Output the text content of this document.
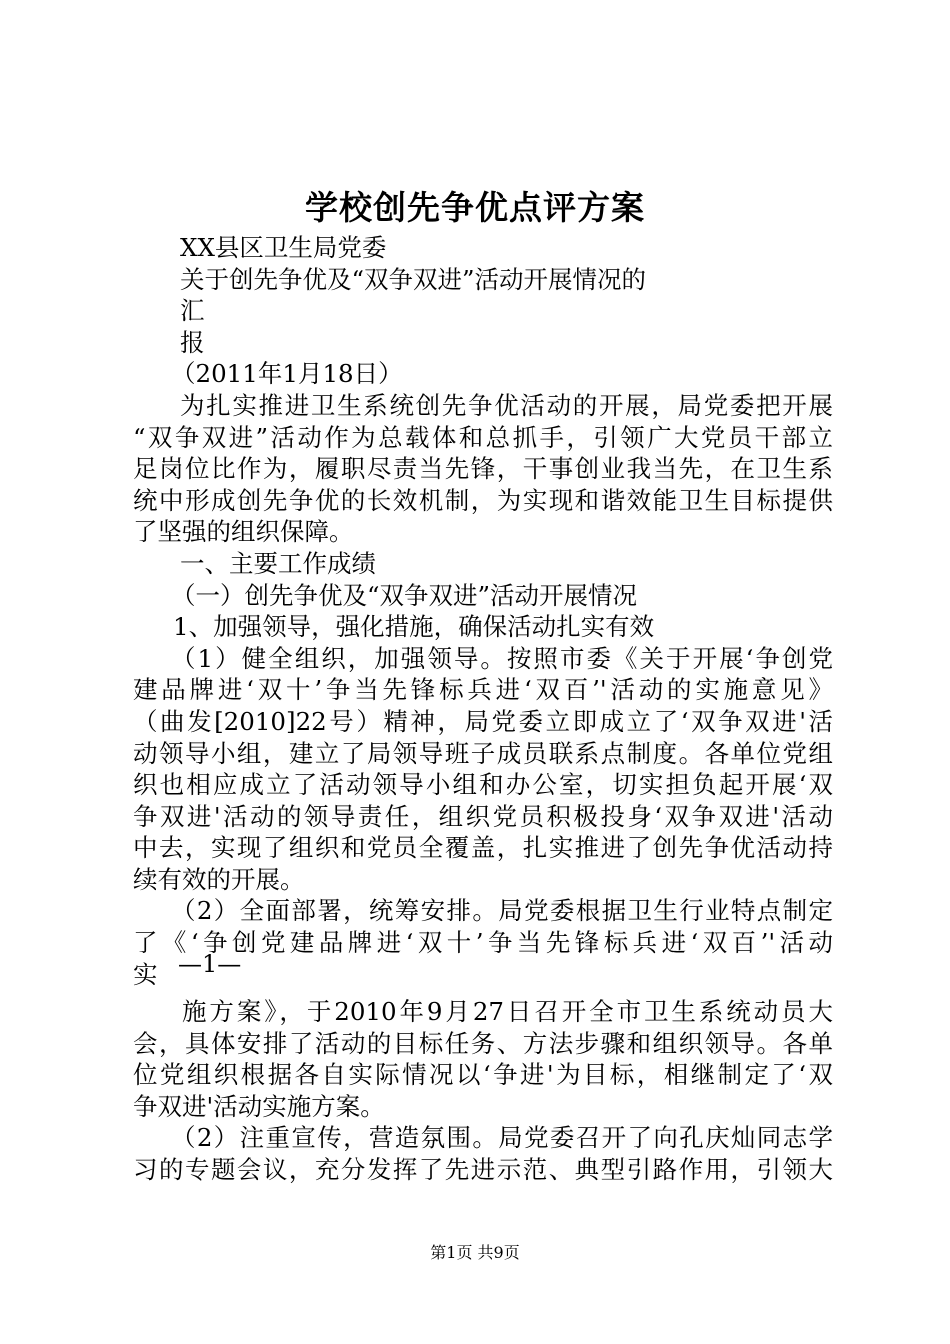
学校创先争优点评方案
XX县区卫生局党委
关于创先争优及“双争双进”活动开展情况的
汇
报
（2011年1月18日）
为扎实推进卫生系统创先争优活动的开展，局党委把开展
“双争双进”活动作为总载体和总抓手，引领广大党员干部立
足岗位比作为，履职尽责当先锋，干事创业我当先，在卫生系
统中形成创先争优的长效机制，为实现和谐效能卫生目标提供
了坚强的组织保障。
一、主要工作成绩
（一）创先争优及“双争双进”活动开展情况
1、加强领导，强化措施，确保活动扎实有效
（1）健全组织，加强领导。按照市委《关于开展‘争创党
建品牌进‘双十’争当先锋标兵进‘双百’'活动的实施意见》
（曲发[2010]22号）精神，局党委立即成立了‘双争双进'活
动领导小组，建立了局领导班子成员联系点制度。各单位党组
织也相应成立了活动领导小组和办公室，切实担负起开展‘双
争双进'活动的领导责任，组织党员积极投身‘双争双进'活动
中去，实现了组织和党员全覆盖，扎实推进了创先争优活动持
续有效的开展。
（2）全面部署，统筹安排。局党委根据卫生行业特点制定
了《‘争创党建品牌进‘双十’争当先锋标兵进‘双百’'活动
实 —1—
施方案》，于2010年9月27日召开全市卫生系统动员大
会，具体安排了活动的目标任务、方法步骤和组织领导。各单
位党组织根据各自实际情况以‘争进'为目标，相继制定了‘双
争双进'活动实施方案。
（2）注重宣传，营造氛围。局党委召开了向孔庆灿同志学
习的专题会议，充分发挥了先进示范、典型引路作用，引领大
第1页 共9页
